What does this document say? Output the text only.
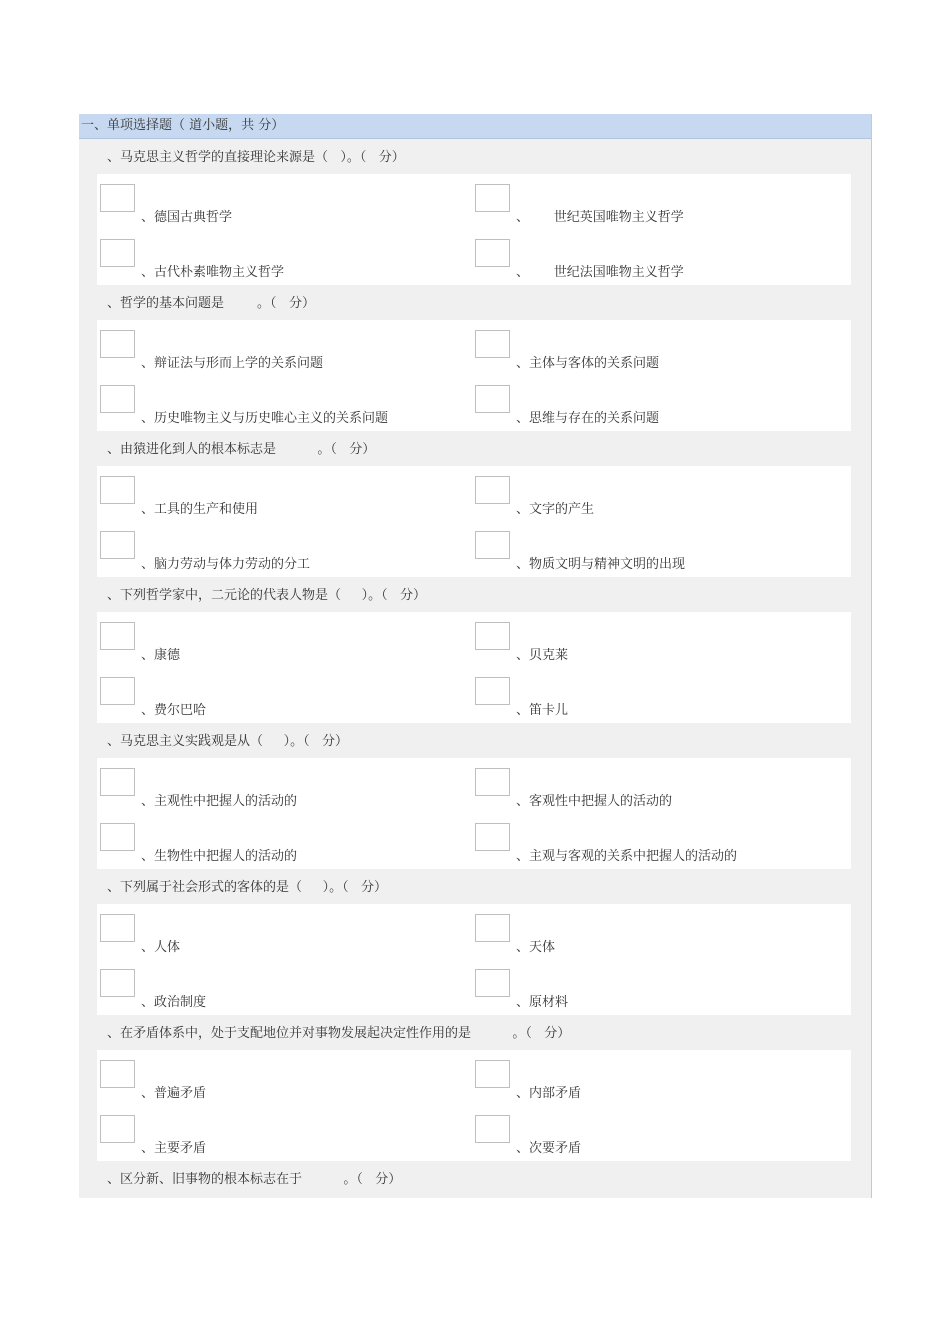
一、单项选择题（ 道小题，共 分）
、马克思主义哲学的直接理论来源是（   ）。（   分）
、德国古典哲学	、      世纪英国唯物主义哲学
、古代朴素唯物主义哲学	、      世纪法国唯物主义哲学
、哲学的基本问题是        。（   分）
、辩证法与形而上学的关系问题	、主体与客体的关系问题
、历史唯物主义与历史唯心主义的关系问题	、思维与存在的关系问题
、由猿进化到人的根本标志是          。（   分）
、工具的生产和使用	、文字的产生
、脑力劳动与体力劳动的分工	、物质文明与精神文明的出现
、下列哲学家中，二元论的代表人物是（     ）。（   分）
、康德	、贝克莱
、费尔巴哈	、笛卡儿
、马克思主义实践观是从（     ）。（   分）
、主观性中把握人的活动的	、客观性中把握人的活动的
、生物性中把握人的活动的	、主观与客观的关系中把握人的活动的
、下列属于社会形式的客体的是（     ）。（   分）
、人体	、天体
、政治制度	、原材料
、在矛盾体系中，处于支配地位并对事物发展起决定性作用的是          。（   分）
、普遍矛盾	、内部矛盾
、主要矛盾	、次要矛盾
、区分新、旧事物的根本标志在于          。（   分）
